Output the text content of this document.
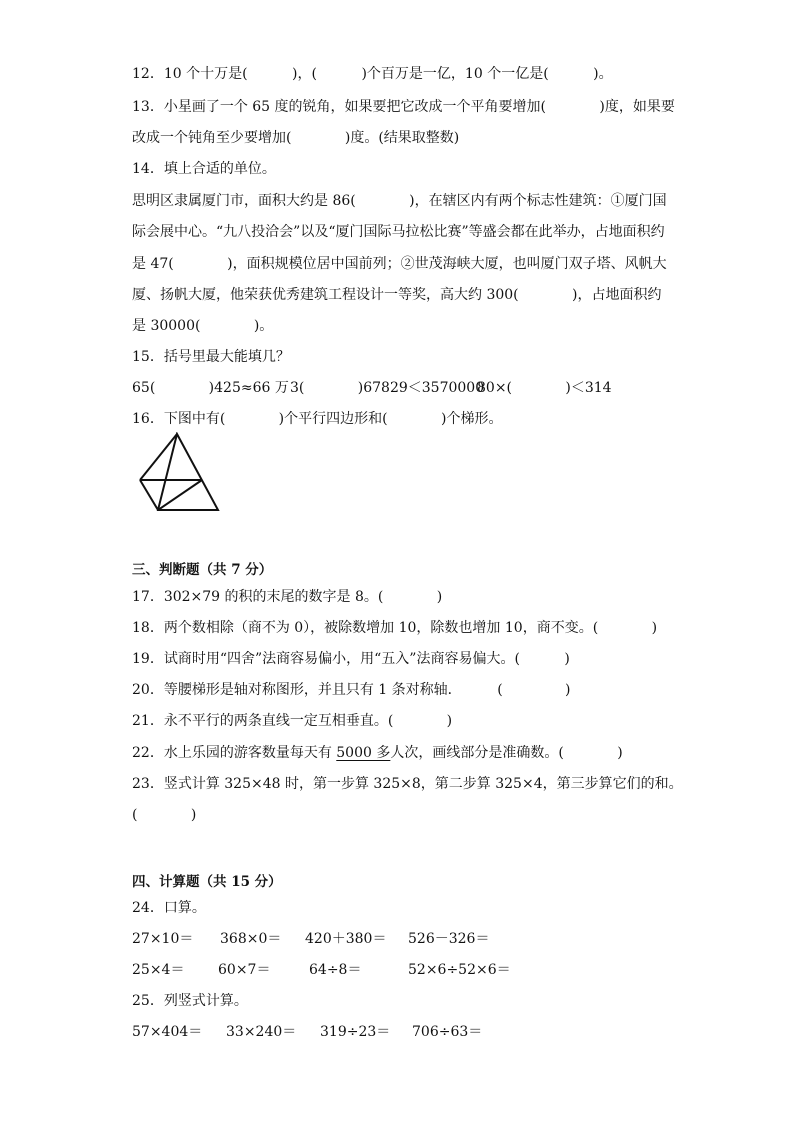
12．10 个十万是(          )，(          )个百万是一亿，10 个一亿是(          )。
13．小星画了一个 65 度的锐角，如果要把它改成一个平角要增加(            )度，如果要
改成一个钝角至少要增加(            )度。(结果取整数)
14．填上合适的单位。
思明区隶属厦门市，面积大约是 86(            )，在辖区内有两个标志性建筑：①厦门国
际会展中心。“九八投洽会”以及“厦门国际马拉松比赛”等盛会都在此举办，占地面积约
是 47(            )，面积规模位居中国前列；②世茂海峡大厦，也叫厦门双子塔、风帆大
厦、扬帆大厦，他荣获优秀建筑工程设计一等奖，高大约 300(            )，占地面积约
是 30000(            )。
15．括号里最大能填几？
65(            )425≈66 万 3(            )67829＜3570000
80×(            )＜314
16．下图中有(            )个平行四边形和(            )个梯形。
三、判断题（共 7 分）
17．302×79 的积的末尾的数字是 8。(            )
18．两个数相除（商不为 0），被除数增加 10，除数也增加 10，商不变。(            )
19．试商时用“四舍”法商容易偏小，用“五入”法商容易偏大。(          )
20．等腰梯形是轴对称图形，并且只有 1 条对称轴．        (              )
21．永不平行的两条直线一定互相垂直。(            )
22．水上乐园的游客数量每天有 5000 多人次，画线部分是准确数。(            )
23．竖式计算 325×48 时，第一步算 325×8，第二步算 325×4，第三步算它们的和。
(            )
四、计算题（共 15 分）
24．口算。
27×10＝ 368×0＝ 420＋380＝ 526－326＝
25×4＝ 60×7＝	64÷8＝	52×6÷52×6＝
25．列竖式计算。
57×404＝ 33×240＝ 319÷23＝ 706÷63＝
